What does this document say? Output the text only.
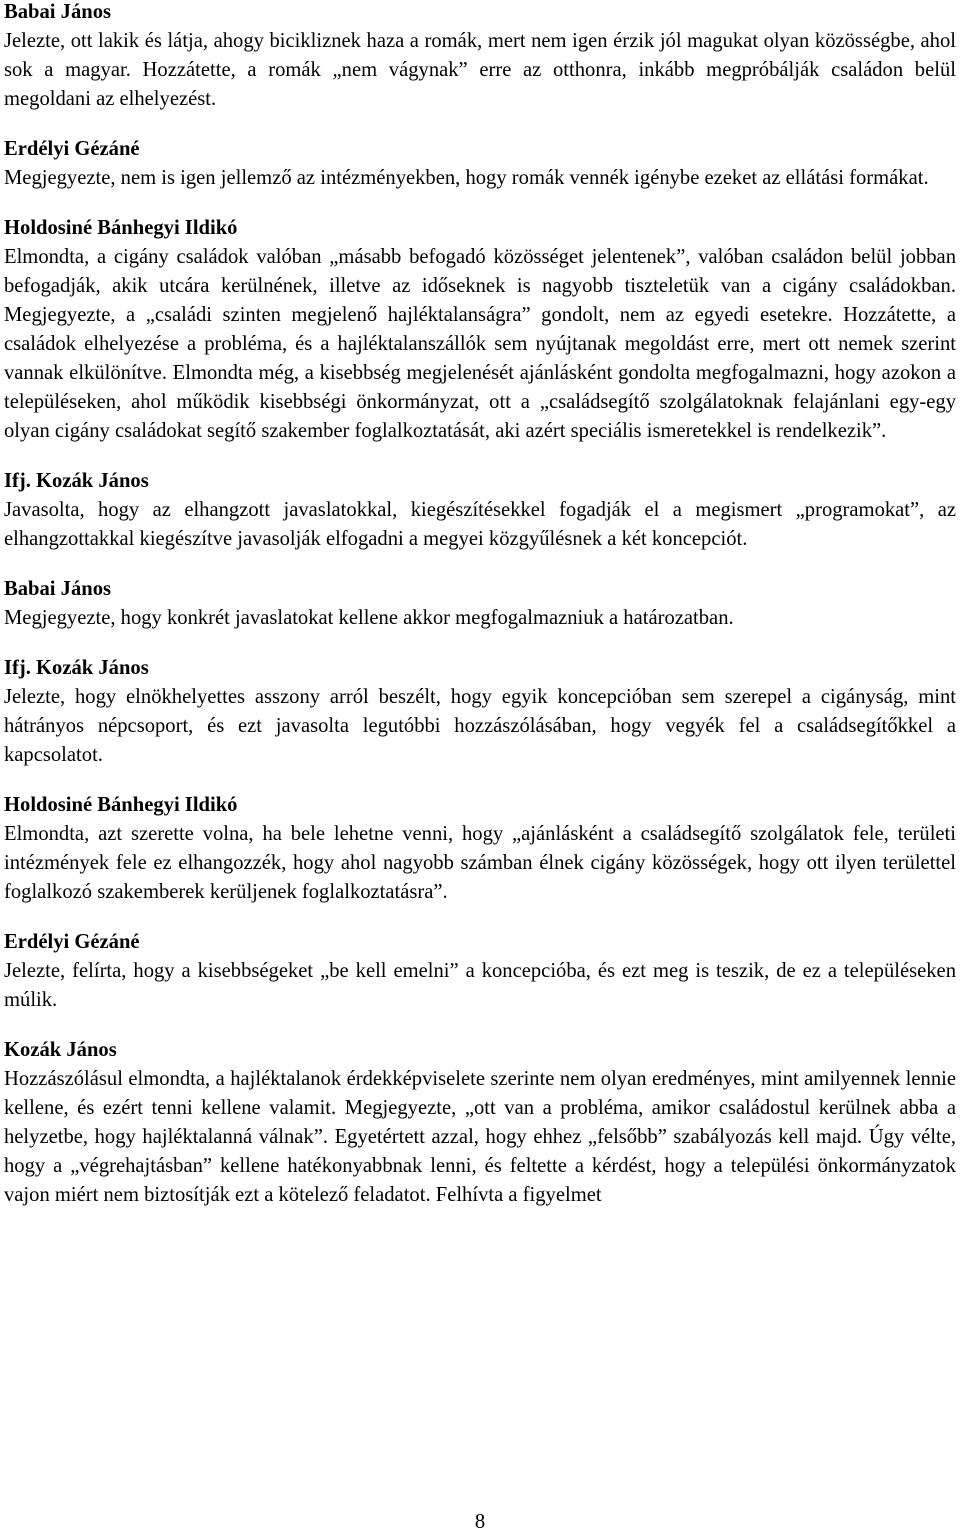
Babai János

Jelezte, ott lakik és látja, ahogy bicikliznek haza a romák, mert nem igen érzik jól magukat olyan közösségbe, ahol sok a magyar. Hozzátette, a romák „nem vágynak” erre az otthonra, inkább megpróbálják családon belül megoldani az elhelyezést.

Erdélyi Gézáné

Megjegyezte, nem is igen jellemző az intézményekben, hogy romák vennék igénybe ezeket az ellátási formákat.

Holdosiné Bánhegyi Ildikó

Elmondta, a cigány családok valóban „másabb befogadó közösséget jelentenek”, valóban családon belül jobban befogadják, akik utcára kerülnének, illetve az időseknek is nagyobb tiszteletük van a cigány családokban. Megjegyezte, a „családi szinten megjelenő hajléktalanságra” gondolt, nem az egyedi esetekre. Hozzátette, a családok elhelyezése a probléma, és a hajléktalanszállók sem nyújtanak megoldást erre, mert ott nemek szerint vannak elkülönítve. Elmondta még, a kisebbség megjelenését ajánlásként gondolta megfogalmazni, hogy azokon a településeken, ahol működik kisebbségi önkormányzat, ott a „családsegítő szolgálatoknak felajánlani egy-egy olyan cigány családokat segítő szakember foglalkoztatását, aki azért speciális ismeretekkel is rendelkezik”.

Ifj. Kozák János

Javasolta, hogy az elhangzott javaslatokkal, kiegészítésekkel fogadják el a megismert „programokat”, az elhangzottakkal kiegészítve javasolják elfogadni a megyei közgyűlésnek a két koncepciót.

Babai János

Megjegyezte, hogy konkrét javaslatokat kellene akkor megfogalmazniuk a határozatban.

Ifj. Kozák János

Jelezte, hogy elnökhelyettes asszony arról beszélt, hogy egyik koncepcióban sem szerepel a cigányság, mint hátrányos népcsoport, és ezt javasolta legutóbbi hozzászólásában, hogy vegyék fel a családsegítőkkel a kapcsolatot.

Holdosiné Bánhegyi Ildikó

Elmondta, azt szerette volna, ha bele lehetne venni, hogy „ajánlásként a családsegítő szolgálatok fele, területi intézmények fele ez elhangozzék, hogy ahol nagyobb számban élnek cigány közösségek, hogy ott ilyen területtel foglalkozó szakemberek kerüljenek foglalkoztatásra”.

Erdélyi Gézáné

Jelezte, felírta, hogy a kisebbségeket „be kell emelni” a koncepcióba, és ezt meg is teszik, de ez a településeken múlik.

Kozák János

Hozzászólásul elmondta, a hajléktalanok érdekképviselete szerinte nem olyan eredményes, mint amilyennek lennie kellene, és ezért tenni kellene valamit. Megjegyezte, „ott van a probléma, amikor családostul kerülnek abba a helyzetbe, hogy hajléktalanná válnak”. Egyetértett azzal, hogy ehhez „felsőbb” szabályozás kell majd. Úgy vélte, hogy a „végrehajtásban” kellene hatékonyabbnak lenni, és feltette a kérdést, hogy a települési önkormányzatok vajon miért nem biztosítják ezt a kötelező feladatot. Felhívta a figyelmet

8
